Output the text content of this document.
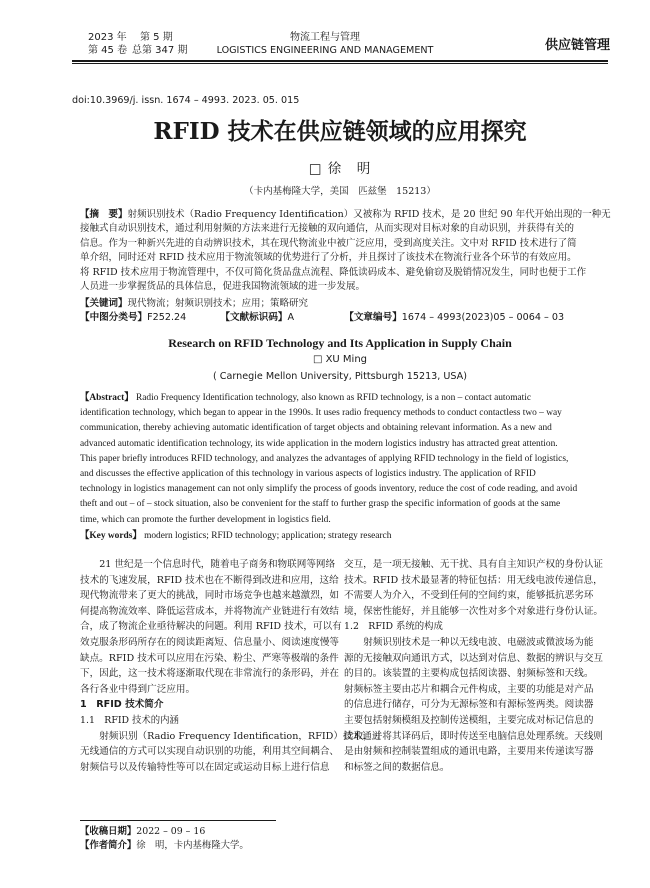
2023 年 第 5 期
第 45 卷 总第 347 期
物流工程与管理
LOGISTICS ENGINEERING AND MANAGEMENT	供应链管理
doi:10.3969/j. issn. 1674 – 4993. 2023. 05. 015
RFID 技术在供应链领域的应用探究
□ 徐　明
（卡内基梅隆大学，美国　匹兹堡　15213）
【摘　要】射频识别技术（Radio Frequency Identification）又被称为 RFID 技术，是 20 世纪 90 年代开始出现的一种无
接触式自动识别技术，通过利用射频的方法来进行无接触的双向通信，从而实现对目标对象的自动识别，并获得有关的
信息。作为一种新兴先进的自动辨识技术，其在现代物流业中被广泛应用，受到高度关注。文中对 RFID 技术进行了简
单介绍，同时还对 RFID 技术应用于物流领域的优势进行了分析，并且探讨了该技术在物流行业各个环节的有效应用。
将 RFID 技术应用于物流管理中，不仅可简化货品盘点流程、降低读码成本、避免偷窃及脱销情况发生，同时也便于工作
人员进一步掌握货品的具体信息，促进我国物流领域的进一步发展。
【关键词】现代物流；射频识别技术；应用；策略研究
【中图分类号】F252.24	【文献标识码】A	【文章编号】1674 – 4993(2023)05 – 0064 – 03
Research on RFID Technology and Its Application in Supply Chain
□ XU Ming
( Carnegie Mellon University, Pittsburgh 15213, USA)
【Abstract】 Radio Frequency Identification technology, also known as RFID technology, is a non – contact automatic
identification technology, which began to appear in the 1990s. It uses radio frequency methods to conduct contactless two – way
communication, thereby achieving automatic identification of target objects and obtaining relevant information. As a new and
advanced automatic identification technology, its wide application in the modern logistics industry has attracted great attention.
This paper briefly introduces RFID technology, and analyzes the advantages of applying RFID technology in the field of logistics,
and discusses the effective application of this technology in various aspects of logistics industry. The application of RFID
technology in logistics management can not only simplify the process of goods inventory, reduce the cost of code reading, and avoid
theft and out – of – stock situation, also be convenient for the staff to further grasp the specific information of goods at the same
time, which can promote the further development in logistics field.
【Key words】 modern logistics; RFID technology; application; strategy research
21 世纪是一个信息时代，随着电子商务和物联网等网络
技术的飞速发展，RFID 技术也在不断得到改进和应用，这给
现代物流带来了更大的挑战，同时市场竞争也越来越激烈，如
何提高物流效率、降低运营成本，并将物流产业链进行有效结
合，成了物流企业亟待解决的问题。利用 RFID 技术，可以有
效克服条形码所存在的阅读距离短、信息量小、阅读速度慢等
缺点。RFID 技术可以应用在污染、粉尘、严寒等极端的条件
下，因此，这一技术将逐渐取代现在非常流行的条形码，并在
各行各业中得到广泛应用。
1　RFID 技术简介
1.1　RFID 技术的内涵
射频识别（Radio Frequency Identification，RFID）技术通过
无线通信的方式可以实现自动识别的功能，利用其空间耦合、
射频信号以及传输特性等可以在固定或运动目标上进行信息
交互，是一项无接触、无干扰、具有自主知识产权的身份认证
技术。RFID 技术最显著的特征包括：用无线电波传递信息，
不需要人为介入，不受到任何的空间约束，能够抵抗恶劣环
境，保密性能好，并且能够一次性对多个对象进行身份认证。
1.2　RFID 系统的构成
射频识别技术是一种以无线电波、电磁波或微波场为能
源的无接触双向通讯方式，以达到对信息、数据的辨识与交互
的目的。该装置的主要构成包括阅读器、射频标签和天线。
射频标签主要由芯片和耦合元件构成，主要的功能是对产品
的信息进行储存，可分为无源标签和有源标签两类。阅读器
主要包括射频模组及控制传送模组，主要完成对标记信息的
读取，并将其译码后，即时传送至电脑信息处理系统。天线则
是由射频和控制装置组成的通讯电路，主要用来传递读写器
和标签之间的数据信息。
【收稿日期】2022 – 09 – 16
【作者简介】徐　明，卡内基梅隆大学。
